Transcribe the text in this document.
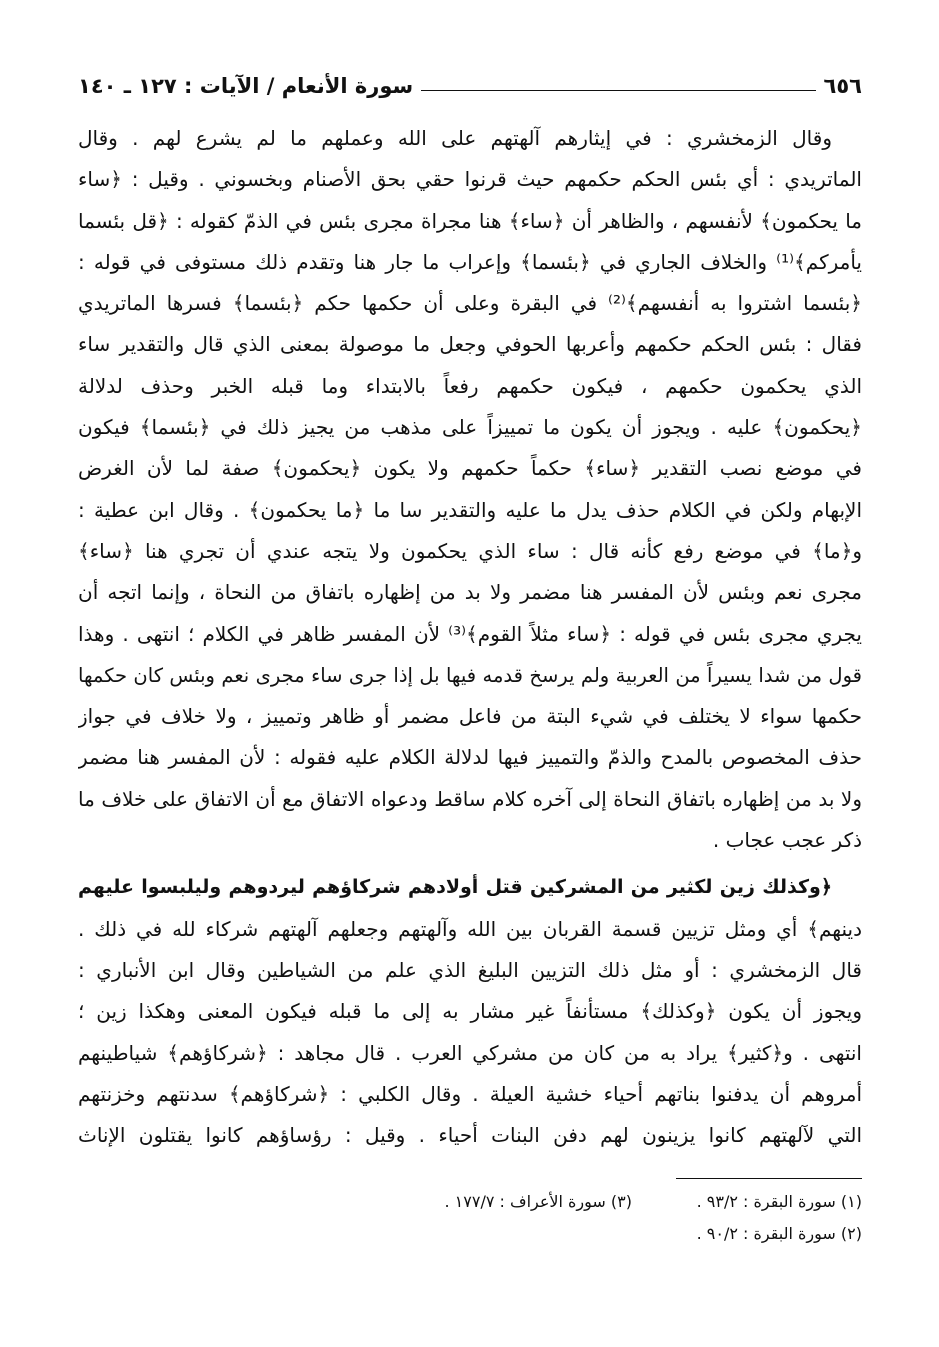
٦٥٦
سورة الأنعام / الآيات : ١٢٧ ـ ١٤٠
وقال الزمخشري : في إيثارهم آلهتهم على الله وعملهم ما لم يشرع لهم . وقال
الماتريدي : أي بئس الحكم حكمهم حيث قرنوا حقي بحق الأصنام وبخسوني . وقيل : ﴿ساء
ما يحكمون﴾ لأنفسهم ، والظاهر أن ﴿ساء﴾ هنا مجراة مجرى بئس في الذمّ كقوله : ﴿قل بئسما
يأمركم﴾⁽¹⁾ والخلاف الجاري في ﴿بئسما﴾ وإعراب ما جار هنا وتقدم ذلك مستوفى في قوله :
﴿بئسما اشتروا به أنفسهم﴾⁽²⁾ في البقرة وعلى أن حكمها حكم ﴿بئسما﴾ فسرها الماتريدي
فقال : بئس الحكم حكمهم وأعربها الحوفي وجعل ما موصولة بمعنى الذي قال والتقدير ساء
الذي يحكمون حكمهم ، فيكون حكمهم رفعاً بالابتداء وما قبله الخبر وحذف لدلالة
﴿يحكمون﴾ عليه . ويجوز أن يكون ما تمييزاً على مذهب من يجيز ذلك في ﴿بئسما﴾ فيكون
في موضع نصب التقدير ﴿ساء﴾ حكماً حكمهم ولا يكون ﴿يحكمون﴾ صفة لما لأن الغرض
الإبهام ولكن في الكلام حذف يدل ما عليه والتقدير سا ما ﴿ما يحكمون﴾ . وقال ابن عطية :
و﴿ما﴾ في موضع رفع كأنه قال : ساء الذي يحكمون ولا يتجه عندي أن تجري هنا ﴿ساء﴾
مجرى نعم وبئس لأن المفسر هنا مضمر ولا بد من إظهاره باتفاق من النحاة ، وإنما اتجه أن
يجري مجرى بئس في قوله : ﴿ساء مثلاً القوم﴾⁽³⁾ لأن المفسر ظاهر في الكلام ؛ انتهى . وهذا
قول من شدا يسيراً من العربية ولم يرسخ قدمه فيها بل إذا جرى ساء مجرى نعم وبئس كان حكمها
حكمها سواء لا يختلف في شيء البتة من فاعل مضمر أو ظاهر وتمييز ، ولا خلاف في جواز
حذف المخصوص بالمدح والذمّ والتمييز فيها لدلالة الكلام عليه فقوله : لأن المفسر هنا مضمر
ولا بد من إظهاره باتفاق النحاة إلى آخره كلام ساقط ودعواه الاتفاق مع أن الاتفاق على خلاف ما
ذكر عجب عجاب .
﴿وكذلك زين لكثير من المشركين قتل أولادهم شركاؤهم ليردوهم وليلبسوا عليهم
دينهم﴾ أي ومثل تزيين قسمة القربان بين الله وآلهتهم وجعلهم آلهتهم شركاء لله في ذلك .
قال الزمخشري : أو مثل ذلك التزيين البليغ الذي علم من الشياطين وقال ابن الأنباري :
ويجوز أن يكون ﴿وكذلك﴾ مستأنفاً غير مشار به إلى ما قبله فيكون المعنى وهكذا زين ؛
انتهى . و﴿كثير﴾ يراد به من كان من مشركي العرب . قال مجاهد : ﴿شركاؤهم﴾ شياطينهم
أمروهم أن يدفنوا بناتهم أحياء خشية العيلة . وقال الكلبي : ﴿شركاؤهم﴾ سدنتهم وخزنتهم
التي لآلهتهم كانوا يزينون لهم دفن البنات أحياء . وقيل : رؤساؤهم كانوا يقتلون الإناث
(١) سورة البقرة : ٩٣/٢ .
(٣) سورة الأعراف : ١٧٧/٧ .
(٢) سورة البقرة : ٩٠/٢ .
